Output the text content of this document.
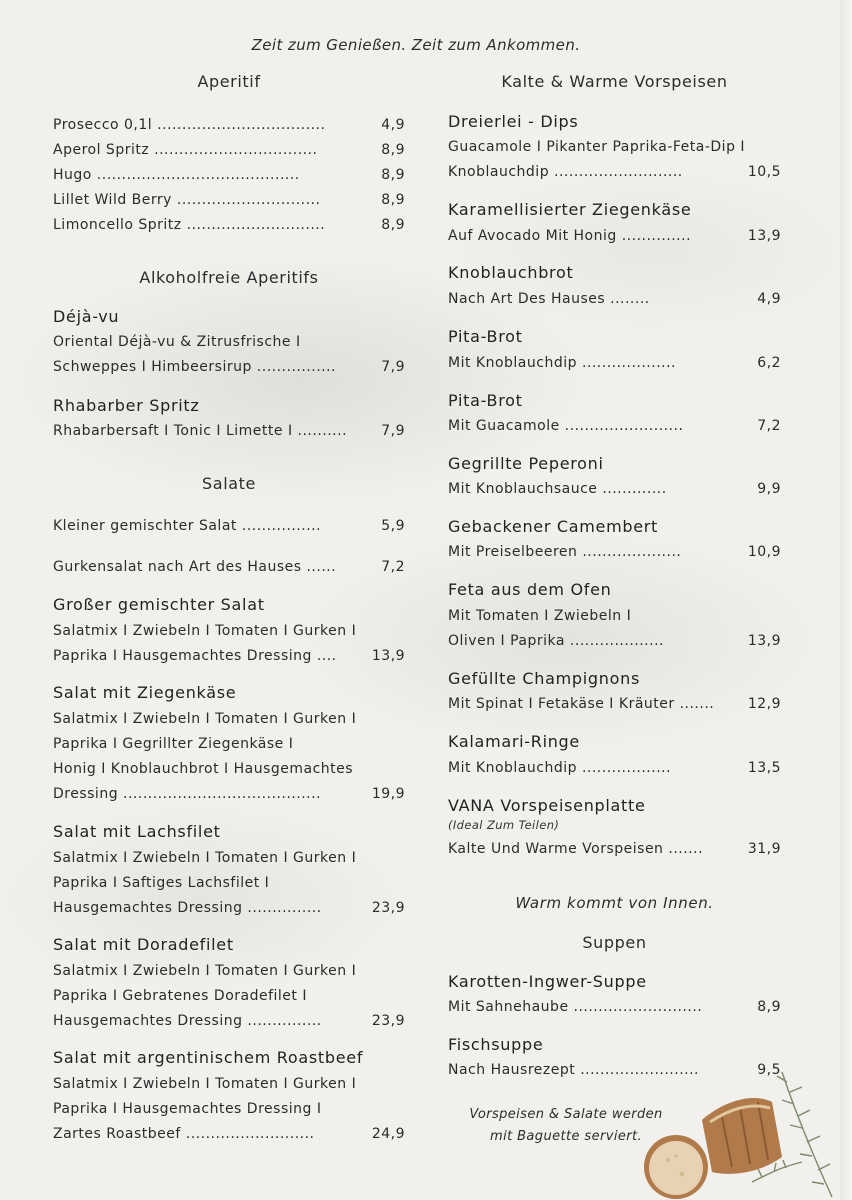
Zeit zum Genießen. Zeit zum Ankommen.
Aperitif
Prosecco 0,1l ..................................	4,9
Aperol Spritz .................................	8,9
Hugo .........................................	8,9
Lillet Wild Berry .............................	8,9
Limoncello Spritz ............................	8,9
Alkoholfreie Aperitifs
Déjà-vu
Oriental Déjà-vu & Zitrusfrische I
Schweppes I Himbeersirup ................	7,9
Rhabarber Spritz
Rhabarbersaft I Tonic I Limette I .......... 7,9
Salate
Kleiner gemischter Salat ................	5,9
Gurkensalat nach Art des Hauses ......	7,2
Großer gemischter Salat
Salatmix I Zwiebeln I Tomaten I Gurken I
Paprika I Hausgemachtes Dressing ....	13,9
Salat mit Ziegenkäse
Salatmix I Zwiebeln I Tomaten I Gurken I
Paprika I Gegrillter Ziegenkäse I
Honig I Knoblauchbrot I Hausgemachtes
Dressing ........................................	19,9
Salat mit Lachsfilet
Salatmix I Zwiebeln I Tomaten I Gurken I
Paprika I Saftiges Lachsfilet I
Hausgemachtes Dressing ...............	23,9
Salat mit Doradefilet
Salatmix I Zwiebeln I Tomaten I Gurken I
Paprika I Gebratenes Doradefilet I
Hausgemachtes Dressing ...............	23,9
Salat mit argentinischem Roastbeef
Salatmix I Zwiebeln I Tomaten I Gurken I
Paprika I Hausgemachtes Dressing I
Zartes Roastbeef ..........................	24,9
Kalte & Warme Vorspeisen
Dreierlei - Dips
Guacamole I Pikanter Paprika-Feta-Dip I
Knoblauchdip ..........................	10,5
Karamellisierter Ziegenkäse
Auf Avocado Mit Honig ..............	13,9
Knoblauchbrot
Nach Art Des Hauses ........	4,9
Pita-Brot
Mit Knoblauchdip ...................	6,2
Pita-Brot
Mit Guacamole ........................	7,2
Gegrillte Peperoni
Mit Knoblauchsauce .............	9,9
Gebackener Camembert
Mit Preiselbeeren ....................	10,9
Feta aus dem Ofen
Mit Tomaten I Zwiebeln I
Oliven I Paprika ...................	13,9
Gefüllte Champignons
Mit Spinat I Fetakäse I Kräuter ....... 12,9
Kalamari-Ringe
Mit Knoblauchdip ..................	13,5
VANA Vorspeisenplatte
(Ideal Zum Teilen)
Kalte Und Warme Vorspeisen .......	31,9
Warm kommt von Innen.
Suppen
Karotten-Ingwer-Suppe
Mit Sahnehaube ..........................	8,9
Fischsuppe
Nach Hausrezept ........................	9,5
Vorspeisen & Salate werden
mit Baguette serviert.
